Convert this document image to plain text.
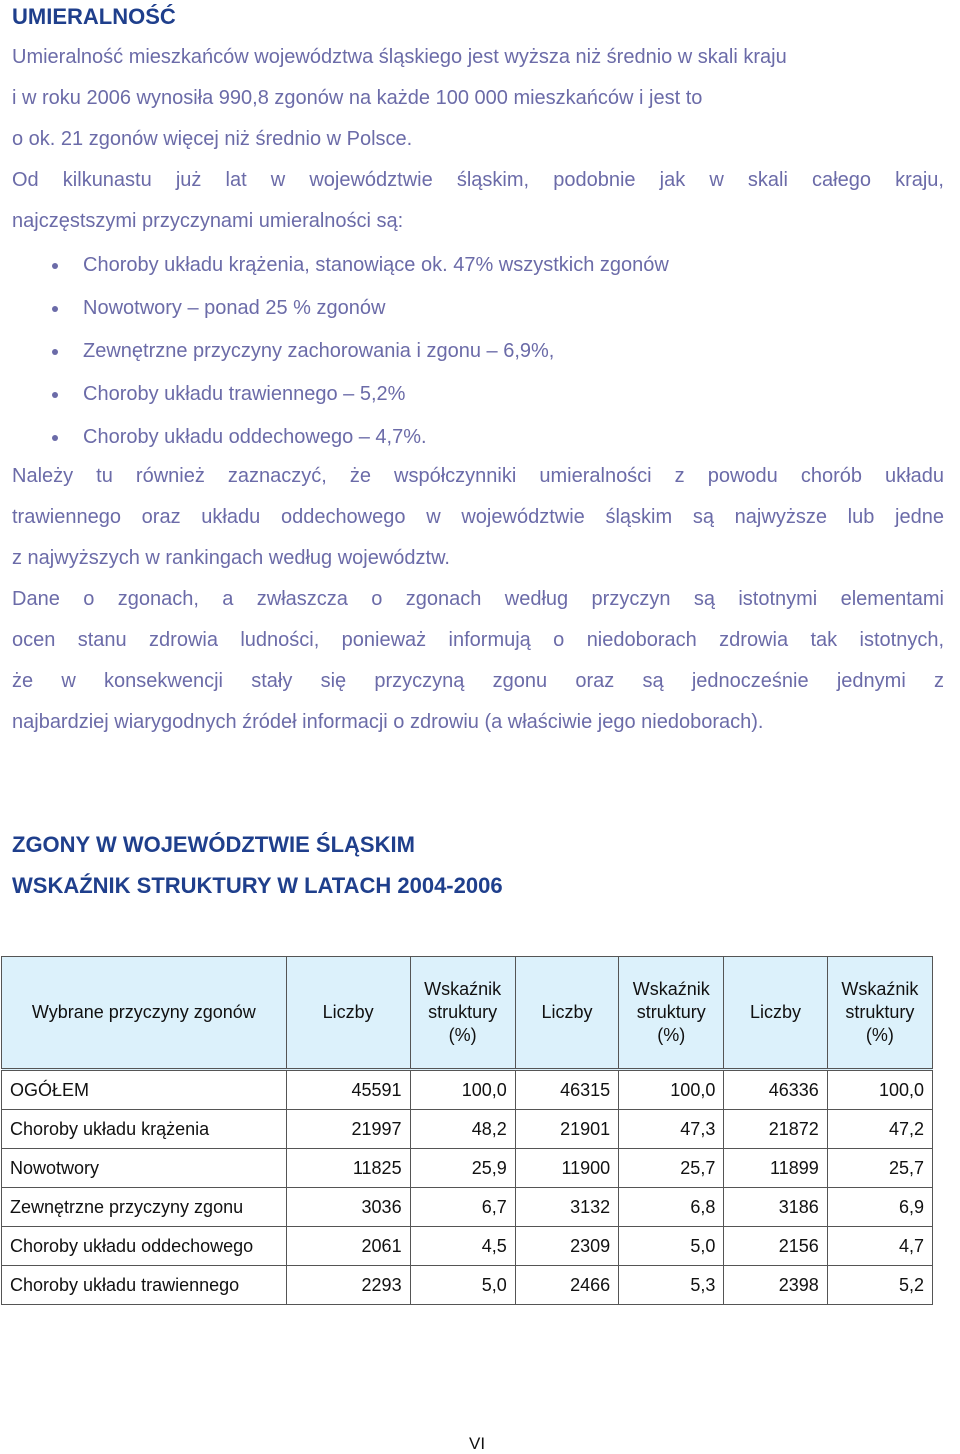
UMIERALNOŚĆ

Umieralność mieszkańców województwa śląskiego jest wyższa niż średnio w skali kraju
i w roku 2006 wynosiła 990,8 zgonów na każde 100 000 mieszkańców i jest to
o ok. 21 zgonów więcej niż średnio w Polsce.

Od kilkunastu już lat w województwie śląskim, podobnie jak w skali całego kraju,
najczęstszymi przyczynami umieralności są:

Choroby układu krążenia, stanowiące ok. 47% wszystkich zgonów
Nowotwory – ponad 25 % zgonów
Zewnętrzne przyczyny zachorowania i zgonu – 6,9%,
Choroby układu trawiennego – 5,2%
Choroby układu oddechowego – 4,7%.

Należy tu również zaznaczyć, że współczynniki umieralności z powodu chorób układu
trawiennego oraz układu oddechowego w województwie śląskim są najwyższe lub jedne
z najwyższych w rankingach według województw.

Dane o zgonach, a zwłaszcza o zgonach według przyczyn są istotnymi elementami
ocen stanu zdrowia ludności, ponieważ informują o niedoborach zdrowia tak istotnych,
że w konsekwencji stały się przyczyną zgonu oraz są jednocześnie jednymi z
najbardziej wiarygodnych źródeł informacji o zdrowiu (a właściwie jego niedoborach).

ZGONY W WOJEWÓDZTWIE ŚLĄSKIM
WSKAŹNIK STRUKTURY W LATACH 2004-2006
Wybrane przyczyny zgonów	Liczby	Wskaźnik struktury (%)	Liczby	Wskaźnik struktury (%)	Liczby	Wskaźnik struktury (%)
OGÓŁEM	45591	100,0	46315	100,0	46336	100,0
Choroby układu krążenia	21997	48,2	21901	47,3	21872	47,2
Nowotwory	11825	25,9	11900	25,7	11899	25,7
Zewnętrzne przyczyny zgonu	3036	6,7	3132	6,8	3186	6,9
Choroby układu oddechowego	2061	4,5	2309	5,0	2156	4,7
Choroby układu trawiennego	2293	5,0	2466	5,3	2398	5,2
VI
